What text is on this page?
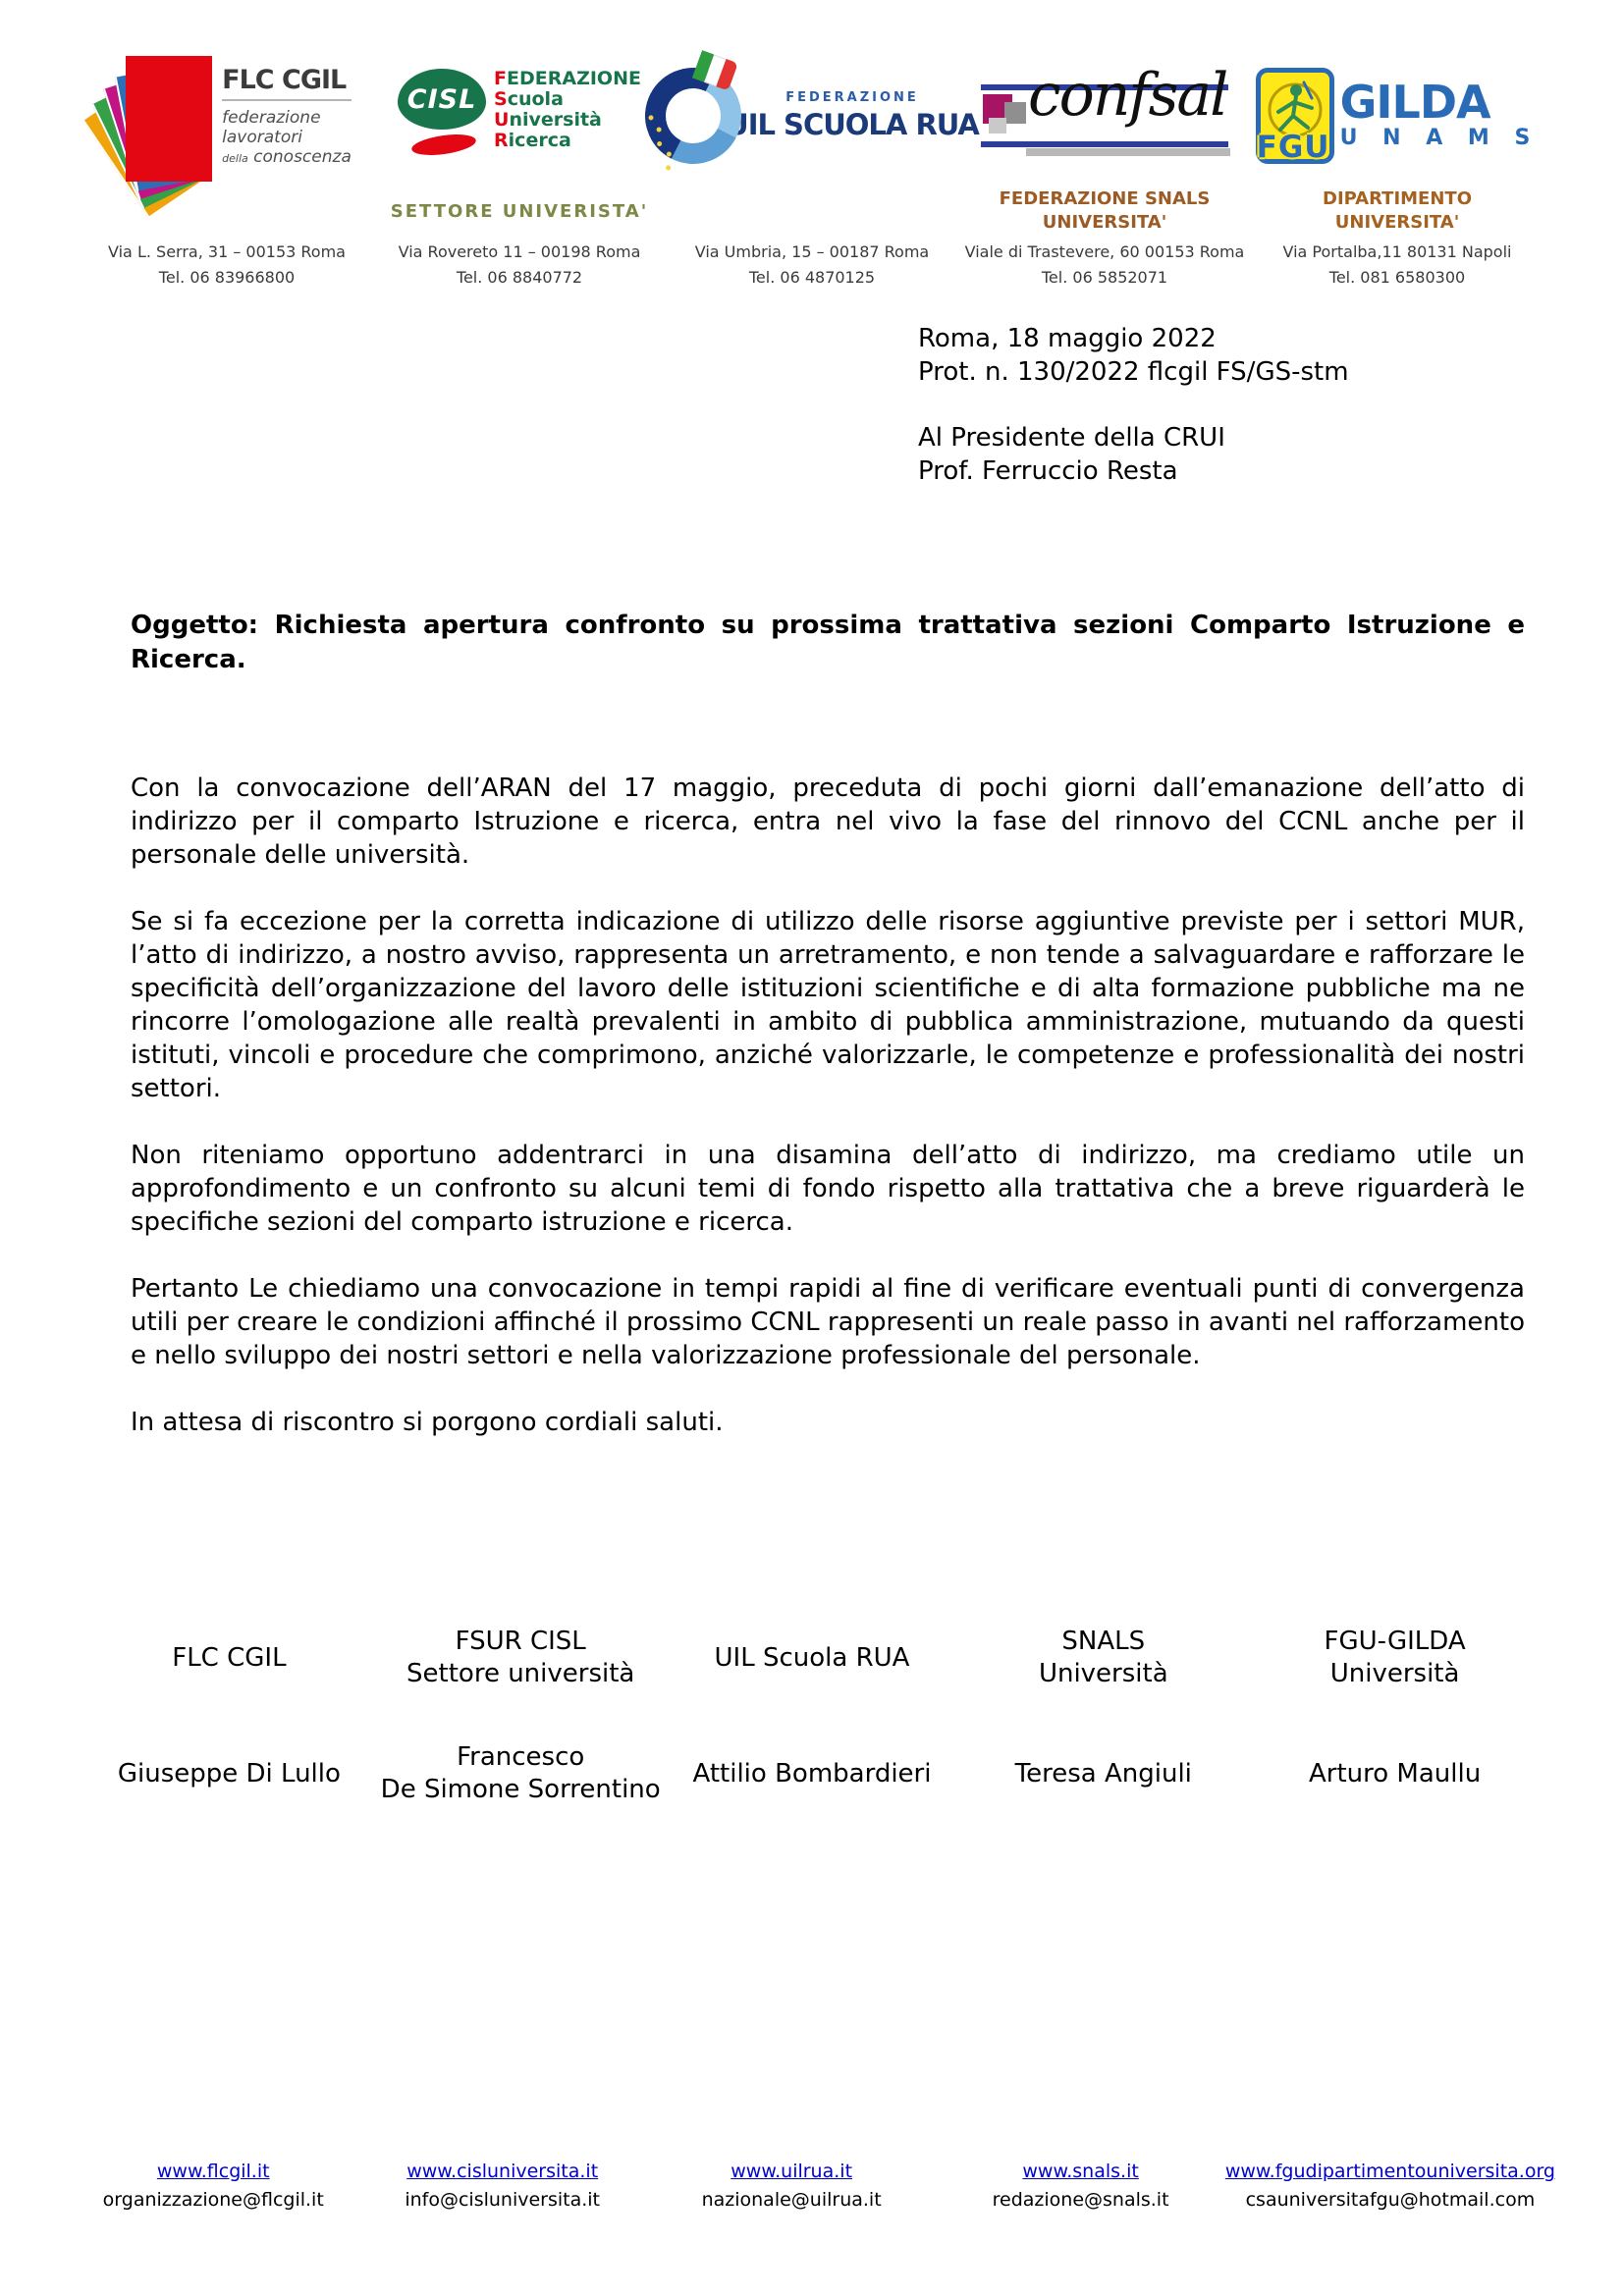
FLC CGIL
federazione
lavoratori
della conoscenza
Via L. Serra, 31 – 00153 Roma
Tel. 06 83966800
CISL
FEDERAZIONE
Scuola
Università
Ricerca
SETTORE UNIVERISTA'
Via Rovereto 11 – 00198 Roma
Tel. 06 8840772
FEDERAZIONE
UIL SCUOLA RUA
Via Umbria, 15 – 00187 Roma
Tel. 06 4870125
confsal
FEDERAZIONE SNALS
UNIVERSITA'
Viale di Trastevere, 60 00153 Roma
Tel. 06 5852071
FGU
GILDA
U N A M S
DIPARTIMENTO
UNIVERSITA'
Via Portalba,11 80131 Napoli
Tel. 081 6580300
Roma, 18 maggio 2022
Prot. n. 130/2022 flcgil FS/GS-stm
Al Presidente della CRUI
Prof. Ferruccio Resta
Oggetto: Richiesta apertura confronto su prossima trattativa sezioni Comparto Istruzione e Ricerca.

Con la convocazione dell’ARAN del 17 maggio, preceduta di pochi giorni dall’emanazione dell’atto di indirizzo per il comparto Istruzione e ricerca, entra nel vivo la fase del rinnovo del CCNL anche per il personale delle università.

Se si fa eccezione per la corretta indicazione di utilizzo delle risorse aggiuntive previste per i settori MUR, l’atto di indirizzo, a nostro avviso, rappresenta un arretramento, e non tende a salvaguardare e rafforzare le specificità dell’organizzazione del lavoro delle istituzioni scientifiche e di alta formazione pubbliche ma ne rincorre l’omologazione alle realtà prevalenti in ambito di pubblica amministrazione, mutuando da questi istituti, vincoli e procedure che comprimono, anziché valorizzarle, le competenze e professionalità dei nostri settori.

Non riteniamo opportuno addentrarci in una disamina dell’atto di indirizzo, ma crediamo utile un approfondimento e un confronto su alcuni temi di fondo rispetto alla trattativa che a breve riguarderà le specifiche sezioni del comparto istruzione e ricerca.

Pertanto Le chiediamo una convocazione in tempi rapidi al fine di verificare eventuali punti di convergenza utili per creare le condizioni affinché il prossimo CCNL rappresenti un reale passo in avanti nel rafforzamento e nello sviluppo dei nostri settori e nella valorizzazione professionale del personale.

In attesa di riscontro si porgono cordiali saluti.

FLC CGIL
Giuseppe Di Lullo
FSUR CISL
Settore università
Francesco
De Simone Sorrentino
UIL Scuola RUA
Attilio Bombardieri
SNALS
Università
Teresa Angiuli
FGU-GILDA
Università
Arturo Maullu
www.flcgil.it
organizzazione@flcgil.it
www.cisluniversita.it
info@cisluniversita.it
www.uilrua.it
nazionale@uilrua.it
www.snals.it
redazione@snals.it
www.fgudipartimentouniversita.org
csauniversitafgu@hotmail.com
